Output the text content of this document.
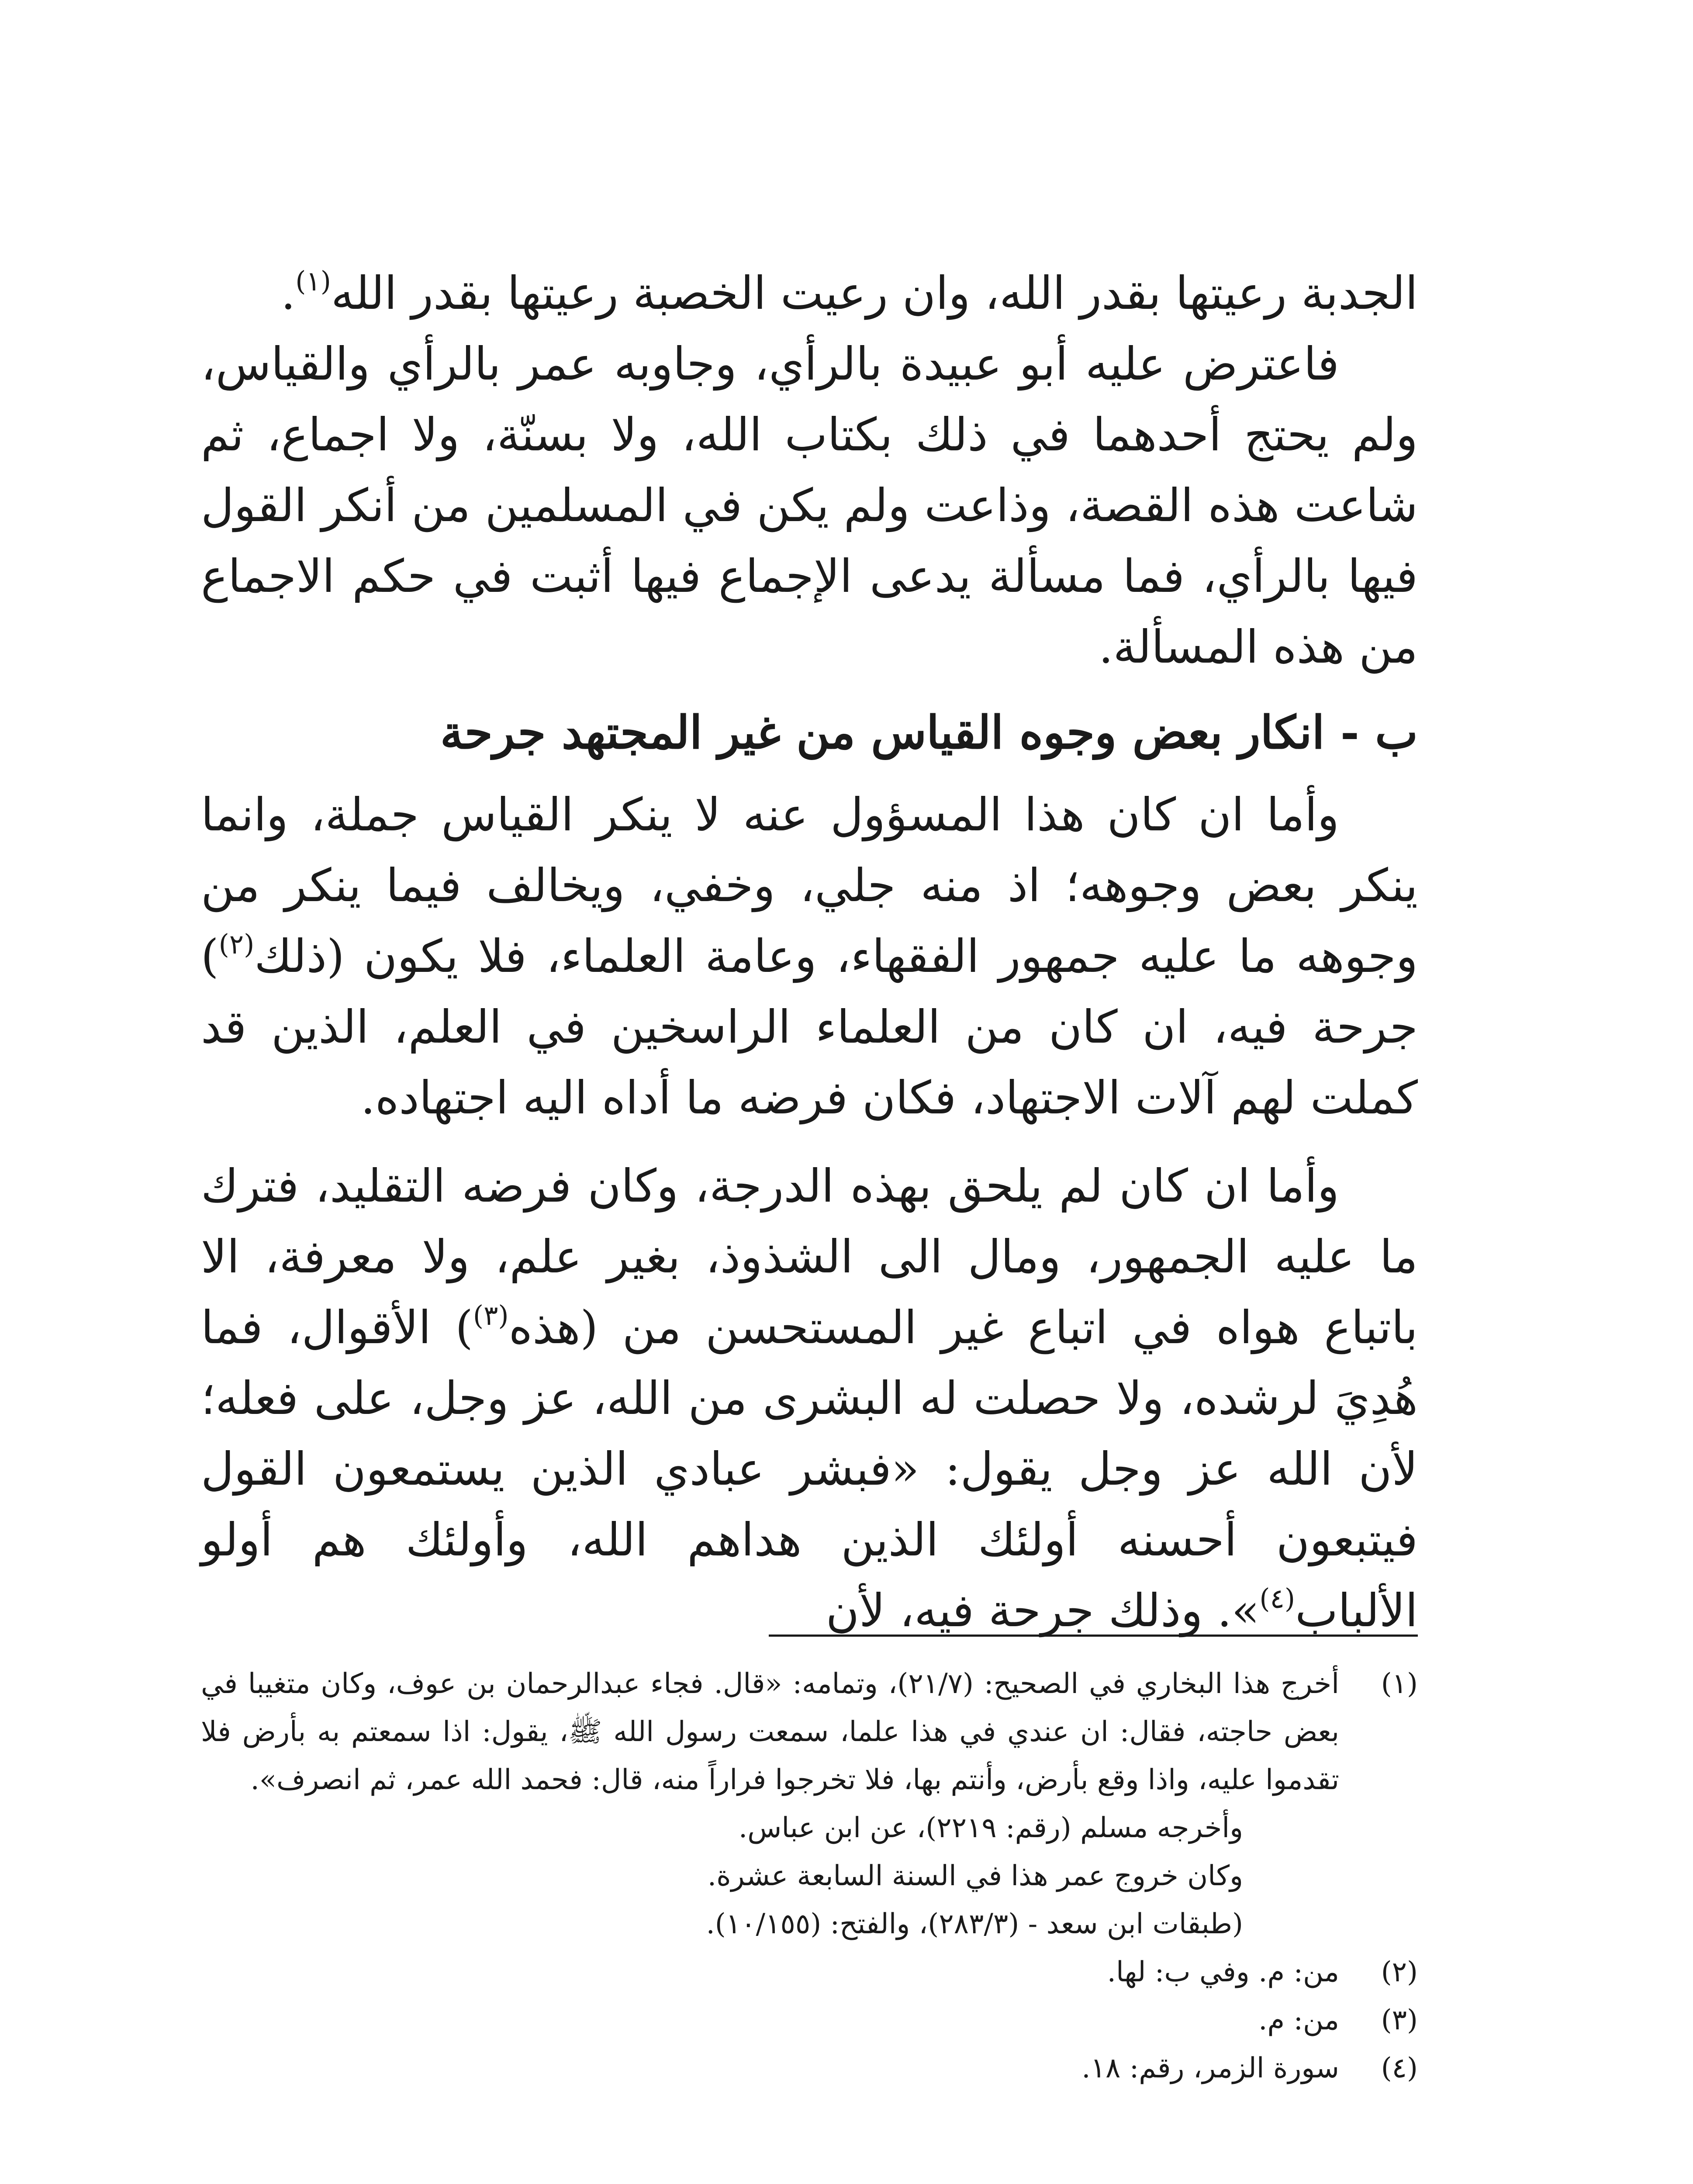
الجدبة رعيتها بقدر الله، وان رعيت الخصبة رعيتها بقدر الله$^{(١)}$.

فاعترض عليه أبو عبيدة بالرأي، وجاوبه عمر بالرأي والقياس، ولم يحتج أحدهما في ذلك بكتاب الله، ولا بسنّة، ولا اجماع، ثم شاعت هذه القصة، وذاعت ولم يكن في المسلمين من أنكر القول فيها بالرأي، فما مسألة يدعى الإجماع فيها أثبت في حكم الاجماع من هذه المسألة.

ب - انكار بعض وجوه القياس من غير المجتهد جرحة

وأما ان كان هذا المسؤول عنه لا ينكر القياس جملة، وانما ينكر بعض وجوهه؛ اذ منه جلي، وخفي، ويخالف فيما ينكر من وجوهه ما عليه جمهور الفقهاء، وعامة العلماء، فلا يكون (ذلك$^{(٢)}$) جرحة فيه، ان كان من العلماء الراسخين في العلم، الذين قد كملت لهم آلات الاجتهاد، فكان فرضه ما أداه اليه اجتهاده.

وأما ان كان لم يلحق بهذه الدرجة، وكان فرضه التقليد، فترك ما عليه الجمهور، ومال الى الشذوذ، بغير علم، ولا معرفة، الا باتباع هواه في اتباع غير المستحسن من (هذه$^{(٣)}$) الأقوال، فما هُدِيَ لرشده، ولا حصلت له البشرى من الله، عز وجل، على فعله؛ لأن الله عز وجل يقول: «فبشر عبادي الذين يستمعون القول فيتبعون أحسنه أولئك الذين هداهم الله، وأولئك هم أولو الألباب$^{(٤)}$». وذلك جرحة فيه، لأن

(١)
أخرج هذا البخاري في الصحيح: (٢١/٧)، وتمامه: «قال. فجاء عبدالرحمان بن عوف، وكان متغيبا في بعض حاجته، فقال: ان عندي في هذا علما، سمعت رسول الله ﷺ، يقول: اذا سمعتم به بأرض فلا تقدموا عليه، واذا وقع بأرض، وأنتم بها، فلا تخرجوا فراراً منه، قال: فحمد الله عمر، ثم انصرف».
وأخرجه مسلم (رقم: ٢٢١٩)، عن ابن عباس.
وكان خروج عمر هذا في السنة السابعة عشرة.
(طبقات ابن سعد - (٢٨٣/٣)، والفتح: (١٠/١٥٥).
(٢)
من: م. وفي ب: لها.
(٣)
من: م.
(٤)
سورة الزمر، رقم: ١٨.
